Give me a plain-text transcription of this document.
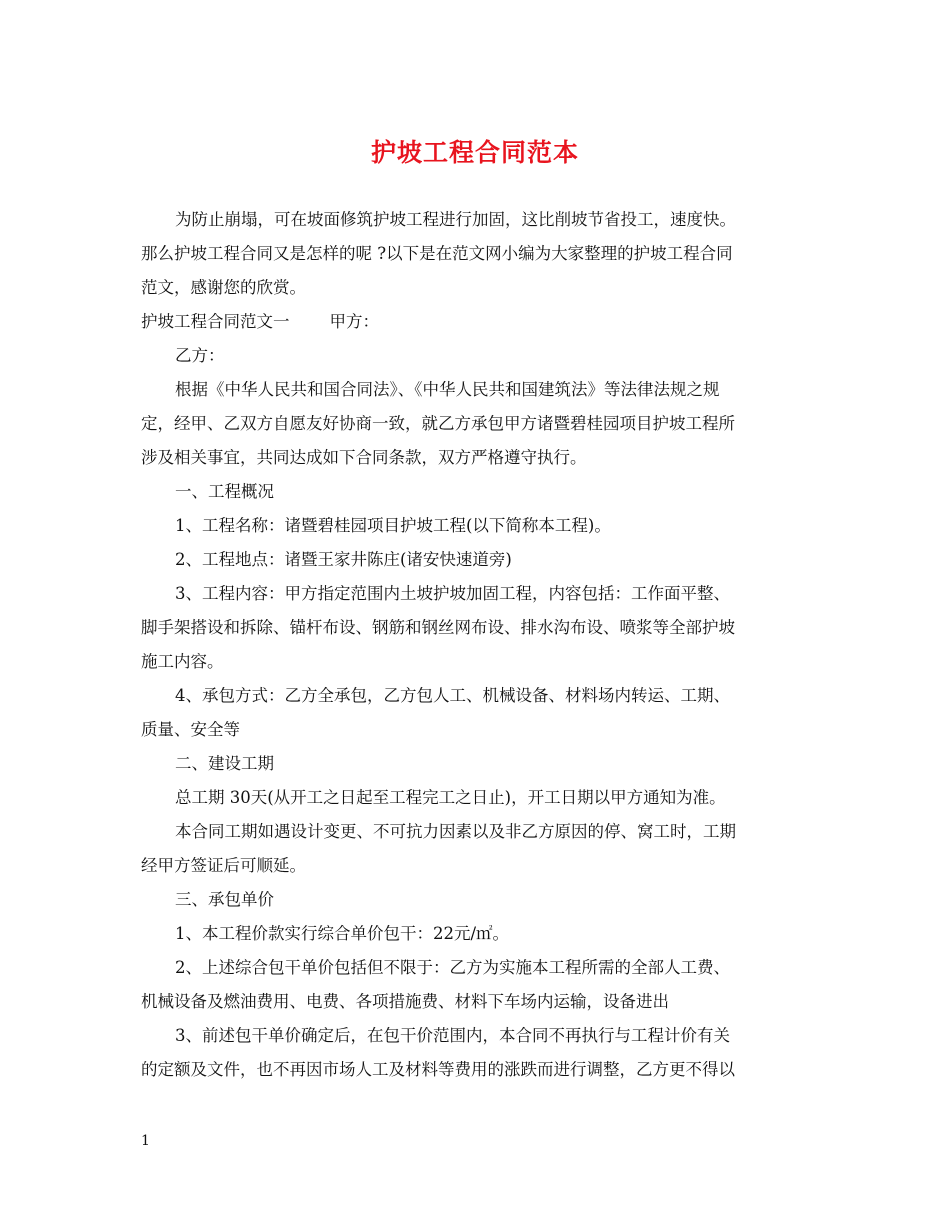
护坡工程合同范本

为防止崩塌，可在坡面修筑护坡工程进行加固，这比削坡节省投工，速度快。

那么护坡工程合同又是怎样的呢 ?以下是在范文网小编为大家整理的护坡工程合同

范文，感谢您的欣赏。

护坡工程合同范文一 甲方：

乙方：

根据《中华人民共和国合同法》、《中华人民共和国建筑法》等法律法规之规

定，经甲、乙双方自愿友好协商一致，就乙方承包甲方诸暨碧桂园项目护坡工程所

涉及相关事宜，共同达成如下合同条款，双方严格遵守执行。

一、工程概况

1、工程名称：诸暨碧桂园项目护坡工程(以下简称本工程)。

2、工程地点：诸暨王家井陈庄(诸安快速道旁)

3、工程内容：甲方指定范围内土坡护坡加固工程，内容包括：工作面平整、

脚手架搭设和拆除、锚杆布设、钢筋和钢丝网布设、排水沟布设、喷浆等全部护坡

施工内容。

4、承包方式：乙方全承包，乙方包人工、机械设备、材料场内转运、工期、

质量、安全等

二、建设工期

总工期 30天(从开工之日起至工程完工之日止)，开工日期以甲方通知为准。

本合同工期如遇设计变更、不可抗力因素以及非乙方原因的停、窝工时，工期

经甲方签证后可顺延。

三、承包单价

1、本工程价款实行综合单价包干：22元/㎡。

2、上述综合包干单价包括但不限于：乙方为实施本工程所需的全部人工费、

机械设备及燃油费用、电费、各项措施费、材料下车场内运输，设备进出

3、前述包干单价确定后，在包干价范围内，本合同不再执行与工程计价有关

的定额及文件，也不再因市场人工及材料等费用的涨跌而进行调整，乙方更不得以

1
